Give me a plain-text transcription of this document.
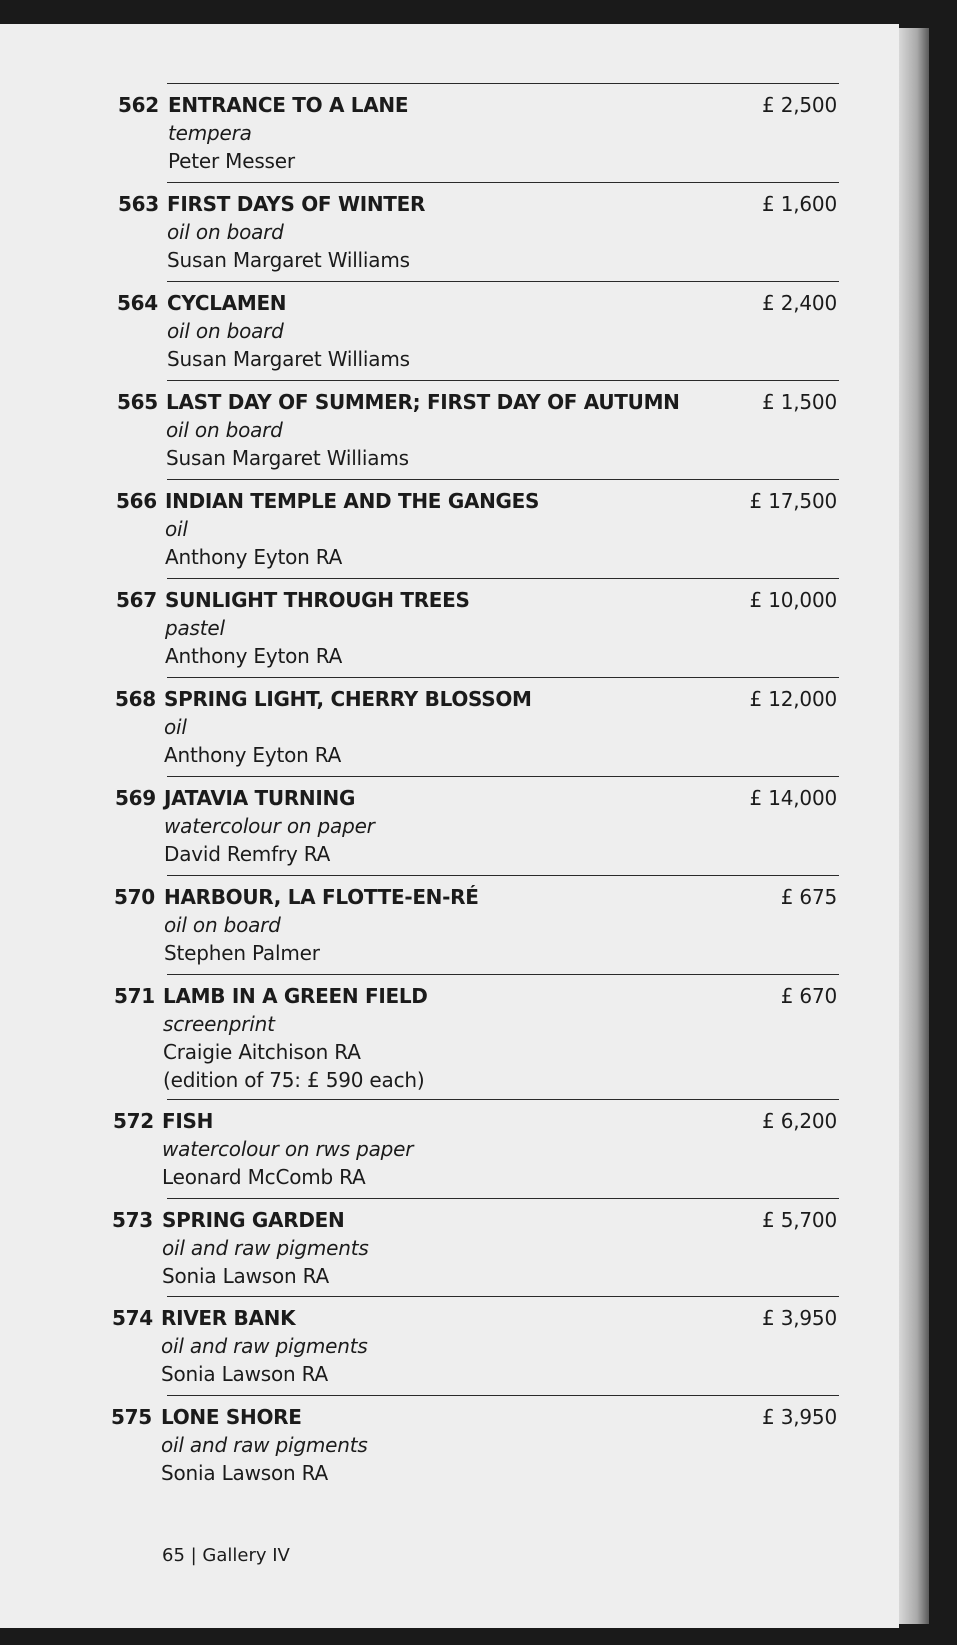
562 ENTRANCE TO A LANE
tempera
Peter Messer
£ 2,500
563 FIRST DAYS OF WINTER
oil on board
Susan Margaret Williams
£ 1,600
564 CYCLAMEN
oil on board
Susan Margaret Williams
£ 2,400
565 LAST DAY OF SUMMER; FIRST DAY OF AUTUMN
oil on board
Susan Margaret Williams
£ 1,500
566 INDIAN TEMPLE AND THE GANGES
oil
Anthony Eyton RA
£ 17,500
567 SUNLIGHT THROUGH TREES
pastel
Anthony Eyton RA
£ 10,000
568 SPRING LIGHT, CHERRY BLOSSOM
oil
Anthony Eyton RA
£ 12,000
569 JATAVIA TURNING
watercolour on paper
David Remfry RA
£ 14,000
570 HARBOUR, LA FLOTTE-EN-RÉ
oil on board
Stephen Palmer
£ 675
571 LAMB IN A GREEN FIELD
screenprint
Craigie Aitchison RA
(edition of 75: £ 590 each)
£ 670
572 FISH
watercolour on rws paper
Leonard McComb RA
£ 6,200
573 SPRING GARDEN
oil and raw pigments
Sonia Lawson RA
£ 5,700
574 RIVER BANK
oil and raw pigments
Sonia Lawson RA
£ 3,950
575 LONE SHORE
oil and raw pigments
Sonia Lawson RA
£ 3,950
65 | Gallery IV
